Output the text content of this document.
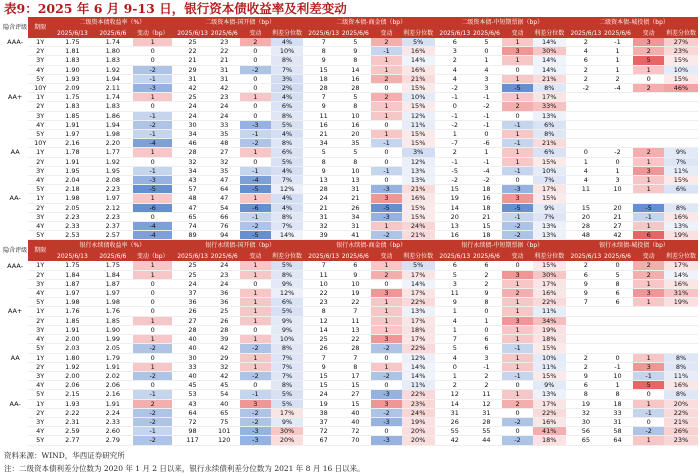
表9：2025 年 6 月 9-13 日，银行资本债收益率及利差变动
隐含评级	期限	二级资本债收益率（%）				二级资本债-国开债（bp）					二级资本债-商金债（bp）					二级资本债-中短期票据（bp）					二级资本债-城投债（bp）			
		2025/6/13	2025/6/6	变动（bp）		2025/6/13	2025/6/6	变动	利差分位数		2025/6/13	2025/6/6	变动	利差分位数		2025/6/13	2025/6/6	变动	利差分位数		2025/6/13	2025/6/6	变动	利差分位数
AAA-	1Y	1.75	1.74	1		25	23	2	4%		7	5	2	5%		6	5	1	14%		2	-1	3	27%
	2Y	1.81	1.80	0		22	22	0	10%		8	9	-1	16%		3	0	3	30%		4	1	2	23%
	3Y	1.83	1.83	0		21	21	0	8%		9	8	1	14%		2	1	1	14%		6	1	5	15%
	4Y	1.90	1.92	-2		29	31	-2	7%		15	14	1	16%		4	4	0	14%		2	1	1	10%
	5Y	1.93	1.94	-1		31	31	0	3%		18	16	2	21%		4	3	1	21%		2	2	0	15%
	10Y	2.09	2.11	-3		42	42	0	2%		28	28	0	15%		-2	3	-5	8%		-2	-4	2	46%
AA+	1Y	1.75	1.74	1		25	23	1	4%		7	5	2	10%		-1	-1	1	17%					
	2Y	1.83	1.83	0		24	24	0	6%		9	8	1	15%		0	-2	2	33%					
	3Y	1.85	1.86	-1		24	24	0	8%		11	10	1	12%		-1	-1	0	13%					
	4Y	1.91	1.94	-2		30	33	-3	5%		16	16	0	11%		-2	-1	-1	6%					
	5Y	1.97	1.98	-1		34	35	-1	4%		21	20	1	15%		1	0	1	8%					
	10Y	2.16	2.20	-4		46	48	-2	8%		34	35	-1	15%		-7	-6	-1	21%					
AA	1Y	1.78	1.77	1		28	27	1	6%		5	5	0	3%		2	1	1	6%		0	-2	2	9%
	2Y	1.91	1.92	0		32	32	0	5%		8	8	0	12%		-1	-1	1	15%		1	0	1	7%
	3Y	1.95	1.95	-1		34	35	-1	4%		9	10	-1	13%		-5	-4	-1	10%		4	1	3	11%
	4Y	2.04	2.08	-3		43	47	-4	7%		13	13	0	13%		-2	-2	0	7%		4	3	1	15%
	5Y	2.18	2.23	-5		57	64	-5	12%		28	31	-3	21%		15	18	-3	17%		11	10	1	6%
AA-	1Y	1.98	1.97	1		48	47	1	4%		24	21	3	16%		19	16	3	15%					
	2Y	2.05	2.12	-6		47	54	-6	4%		21	26	-5	15%		14	18	-5	9%		15	20	-5	8%
	3Y	2.23	2.23	0		65	66	-1	8%		31	34	-3	15%		20	21	-1	7%		20	21	-1	16%
	4Y	2.33	2.37	-4		74	76	-2	7%		32	31	1	24%		13	15	-2	13%		28	27	1	13%
	5Y	2.53	2.57	-4		89	94	-5	14%		39	41	-2	21%		16	18	-2	13%		48	42	6	19%
隐含评级	期限	银行永续债收益率（%）				银行永续债-国开债（bp）					银行永续债-商金债（bp）					银行永续债-中短期票据（bp）					银行永续债-城投债（bp）			
		2025/6/13	2025/6/6	变动（bp）		2025/6/13	2025/6/6	变动	利差分位数		2025/6/13	2025/6/6	变动	利差分位数		2025/6/13	2025/6/6	变动	利差分位数		2025/6/13	2025/6/6	变动	利差分位数
AAA-	1Y	1.75	1.75	1		25	24	1	5%		7	6	1	5%		6	6	0	15%		2	0	2	17%
	2Y	1.84	1.84	1		25	23	1	8%		11	9	2	17%		5	2	3	30%		6	5	2	14%
	3Y	1.87	1.87	0		24	24	0	9%		10	10	0	14%		3	2	1	17%		9	8	1	16%
	4Y	1.97	1.97	0		37	36	1	12%		22	19	3	17%		11	9	2	16%		9	6	3	31%
	5Y	1.98	1.98	0		36	36	1	6%		23	22	1	22%		9	8	1	22%		7	6	1	19%
AA+	1Y	1.76	1.76	0		26	25	1	5%		8	7	1	13%		1	0	1	11%					
	2Y	1.85	1.85	1		27	26	1	9%		12	11	1	17%		4	1	3	34%					
	3Y	1.91	1.90	0		28	28	0	9%		14	13	1	18%		1	0	1	19%					
	4Y	2.00	1.99	1		40	39	1	10%		25	22	3	17%		7	6	1	18%					
	5Y	2.03	2.05	-2		40	42	-2	8%		26	28	-2	22%		5	6	-1	15%					
AA	1Y	1.80	1.79	0		30	29	1	7%		7	7	0	12%		4	3	1	10%		2	0	1	8%
	2Y	1.92	1.91	1		33	32	1	7%		9	8	1	14%		0	-1	1	11%		2	-1	3	8%
	3Y	2.00	2.02	-2		40	42	-2	7%		15	17	-2	14%		1	2	-1	15%		9	10	-1	11%
	4Y	2.06	2.06	0		45	45	0	8%		15	15	0	11%		2	2	0	9%		6	1	5	16%
	5Y	2.15	2.16	-1		53	54	-1	5%		24	27	-3	22%		12	11	1	13%		8	8	0	8%
AA-	1Y	1.93	1.91	2		43	40	3	5%		19	15	3	23%		14	12	2	17%		19	18	1	20%
	2Y	2.22	2.24	-2		64	65	-2	17%		38	40	-2	24%		31	31	0	22%		32	33	-1	22%
	3Y	2.31	2.33	-2		72	75	-2	9%		37	40	-3	19%		26	28	-2	16%		30	31	0	21%
	4Y	2.59	2.60	-1		98	101	-3	30%		72	72	0	20%		55	55	0	41%		56	58	-2	26%
	5Y	2.77	2.79	-2		117	120	-3	20%		67	70	-3	20%		42	44	-2	18%		65	64	1	23%
资料来源：WIND，华西证券研究所
注：二级资本债利差分位数为 2020 年 1 月 2 日以来，银行永续债利差分位数为 2021 年 8 月 16 日以来。
